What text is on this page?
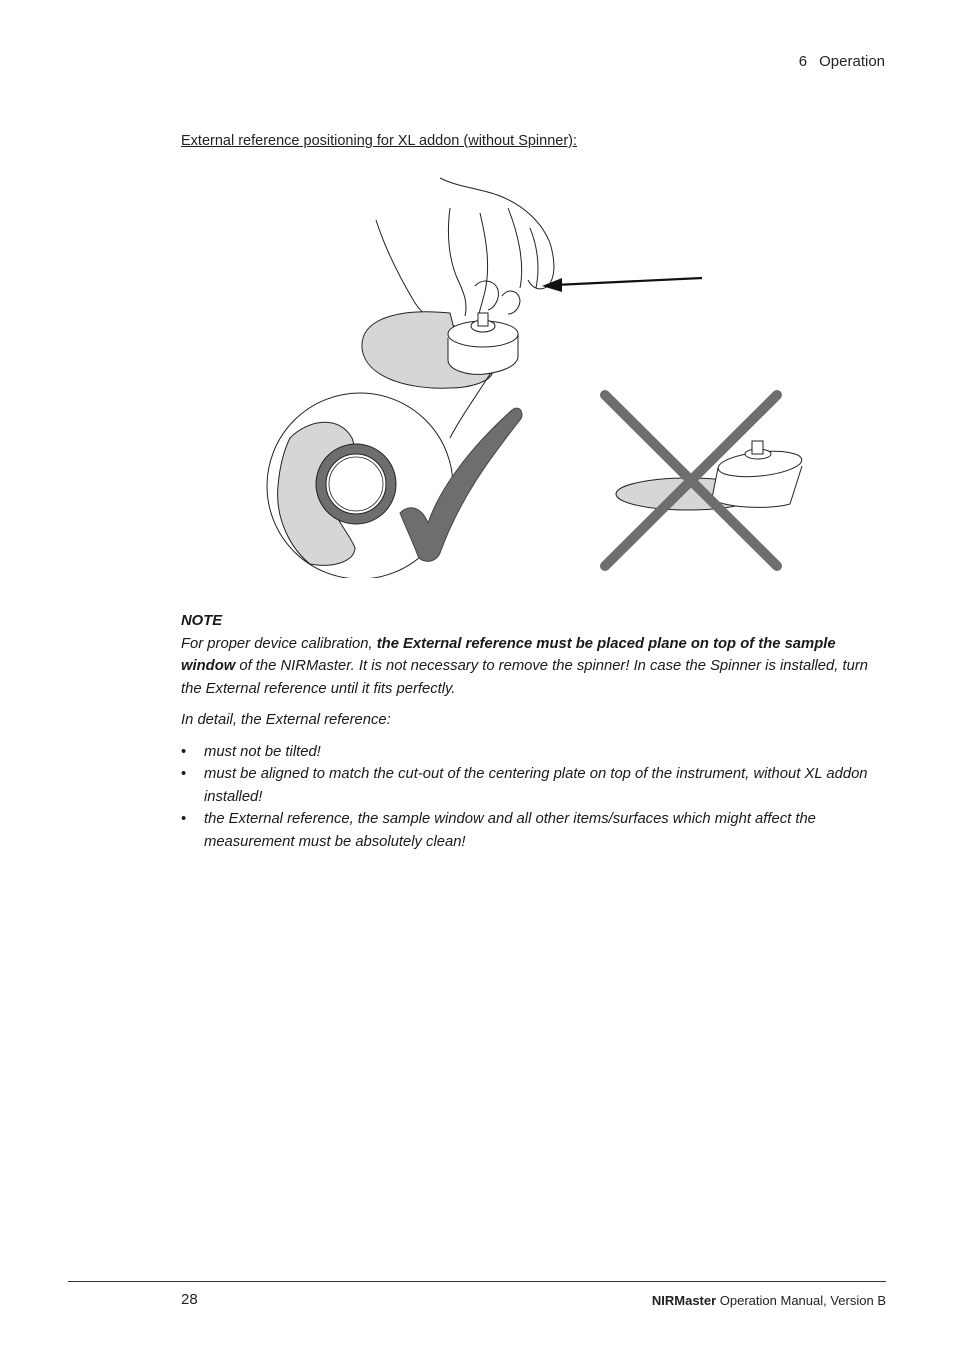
6 Operation
External reference positioning for XL addon (without Spinner):
NOTE

For proper device calibration, the External reference must be placed plane on top of the sample window of the NIRMaster. It is not necessary to remove the spinner! In case the Spinner is installed, turn the External reference until it fits perfectly.

In detail, the External reference:

• must not be tilted!
• must be aligned to match the cut-out of the centering plate on top of the instrument, without XL addon installed!
• the External reference, the sample window and all other items/surfaces which might affect the measurement must be absolutely clean!
28	NIRMaster Operation Manual, Version B
